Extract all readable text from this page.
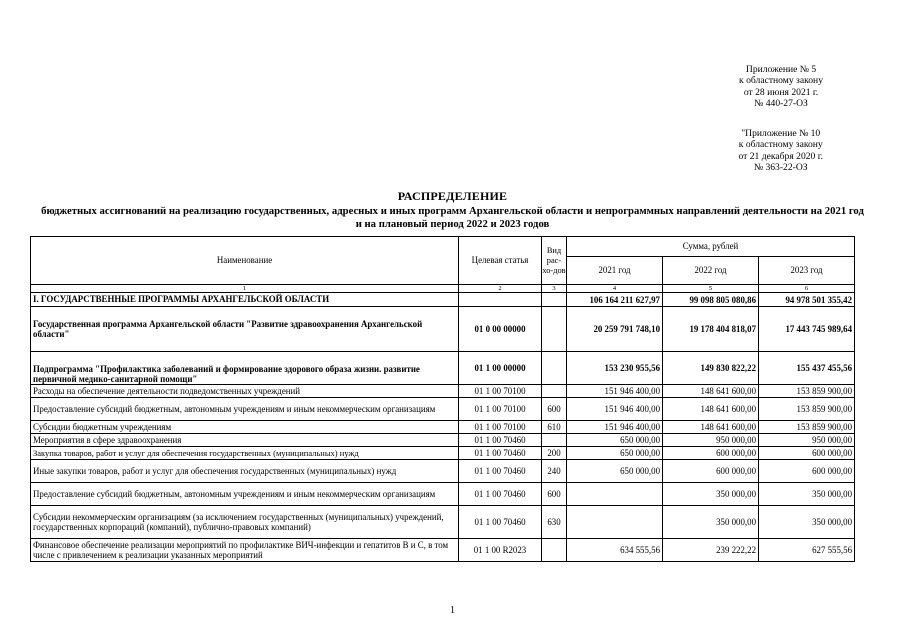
Приложение № 5
к областному закону
от 28 июня 2021 г.
№ 440-27-ОЗ
"Приложение № 10
к областному закону
от 21 декабря 2020 г.
№ 363-22-ОЗ
РАСПРЕДЕЛЕНИЕ
бюджетных ассигнований на реализацию государственных, адресных и иных программ Архангельской области и непрограммных направлений деятельности на 2021 год и на плановый период 2022 и 2023 годов
Наименование	Целевая статья	Вид рас-хо-дов	Сумма, рублей		
			2021 год	2022 год	2023 год
1	2	3	4	5	6
I. ГОСУДАРСТВЕННЫЕ ПРОГРАММЫ АРХАНГЕЛЬСКОЙ ОБЛАСТИ			106 164 211 627,97	99 098 805 080,86	94 978 501 355,42
Государственная программа Архангельской области "Развитие здравоохранения Архангельской области"	01 0 00 00000		20 259 791 748,10	19 178 404 818,07	17 443 745 989,64
Подпрограмма "Профилактика заболеваний и формирование здорового образа жизни. развитие первичной медико-санитарной помощи"	01 1 00 00000		153 230 955,56	149 830 822,22	155 437 455,56
Расходы на обеспечение деятельности подведомственных учреждений	01 1 00 70100		151 946 400,00	148 641 600,00	153 859 900,00
Предоставление субсидий бюджетным, автономным учреждениям и иным некоммерческим организациям	01 1 00 70100	600	151 946 400,00	148 641 600,00	153 859 900,00
Субсидии бюджетным учреждениям	01 1 00 70100	610	151 946 400,00	148 641 600,00	153 859 900,00
Мероприятия в сфере здравоохранения	01 1 00 70460		650 000,00	950 000,00	950 000,00
Закупка товаров, работ и услуг для обеспечения государственных (муниципальных) нужд	01 1 00 70460	200	650 000,00	600 000,00	600 000,00
Иные закупки товаров, работ и услуг для обеспечения государственных (муниципальных) нужд	01 1 00 70460	240	650 000,00	600 000,00	600 000,00
Предоставление субсидий бюджетным, автономным учреждениям и иным некоммерческим организациям	01 1 00 70460	600		350 000,00	350 000,00
Субсидии некоммерческим организациям (за исключением государственных (муниципальных) учреждений, государственных корпораций (компаний), публично-правовых компаний)	01 1 00 70460	630		350 000,00	350 000,00
Финансовое обеспечение реализации мероприятий по профилактике ВИЧ-инфекции и гепатитов В и С, в том числе с привлечением к реализации указанных мероприятий	01 1 00 R2023		634 555,56	239 222,22	627 555,56
1
